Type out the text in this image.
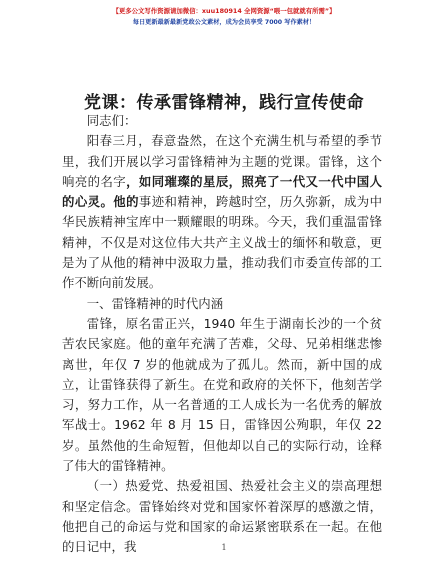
【更多公文写作资源请加微信：xuu180914 全网资源“喂一包就就有所需”】
每日更新最新最新党政公文素材，成为会员享受 7000 写作素材！
党课：传承雷锋精神，践行宣传使命

同志们：

阳春三月，春意盎然，在这个充满生机与希望的季节里，我们开展以学习雷锋精神为主题的党课。雷锋，这个响亮的名字，如同璀璨的星辰，照亮了一代又一代中国人的心灵。他的事迹和精神，跨越时空，历久弥新，成为中华民族精神宝库中一颗耀眼的明珠。今天，我们重温雷锋精神，不仅是对这位伟大共产主义战士的缅怀和敬意，更是为了从他的精神中汲取力量，推动我们市委宣传部的工作不断向前发展。

一、雷锋精神的时代内涵

雷锋，原名雷正兴，1940 年生于湖南长沙的一个贫苦农民家庭。他的童年充满了苦难，父母、兄弟相继悲惨离世，年仅 7 岁的他就成为了孤儿。然而，新中国的成立，让雷锋获得了新生。在党和政府的关怀下，他刻苦学习，努力工作，从一名普通的工人成长为一名优秀的解放军战士。1962 年 8 月 15 日，雷锋因公殉职，年仅 22 岁。虽然他的生命短暂，但他却以自己的实际行动，诠释了伟大的雷锋精神。

（一）热爱党、热爱祖国、热爱社会主义的崇高理想和坚定信念。雷锋始终对党和国家怀着深厚的感激之情，他把自己的命运与党和国家的命运紧密联系在一起。在他的日记中，我	1
